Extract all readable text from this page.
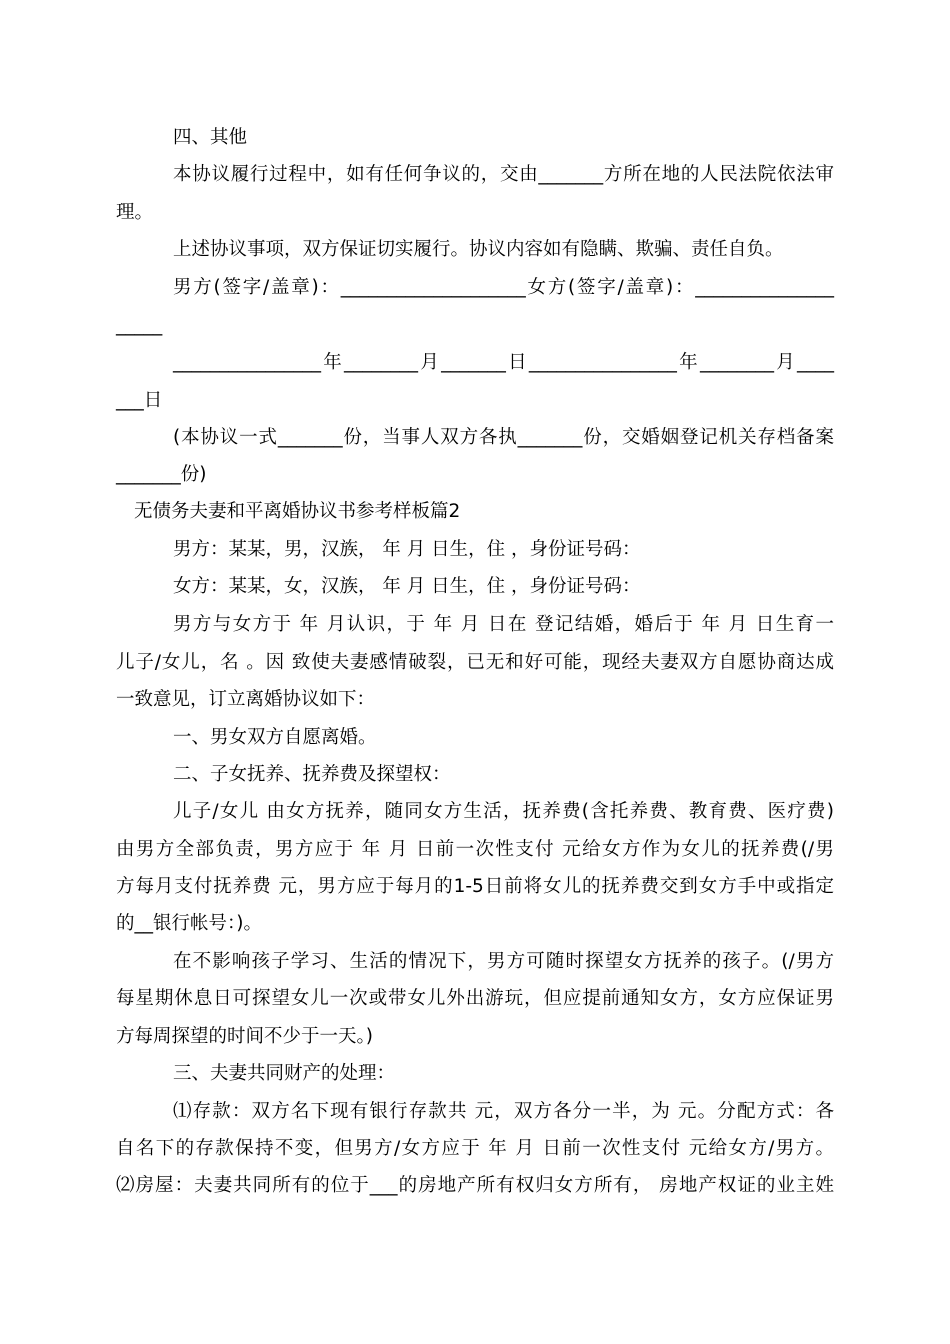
四、其他

本协议履行过程中，如有任何争议的，交由_______方所在地的人民法院依法审

理。

上述协议事项，双方保证切实履行。协议内容如有隐瞒、欺骗、责任自负。

男方(签字/盖章)：____________________女方(签字/盖章)：_______________

_____

________________年________月_______日________________年________月____

___日

(本协议一式_______份，当事人双方各执_______份，交婚姻登记机关存档备案

_______份)

无债务夫妻和平离婚协议书参考样板篇2

男方：某某，男，汉族， 年 月 日生，住 ，身份证号码：

女方：某某，女，汉族， 年 月 日生，住 ，身份证号码：

男方与女方于 年 月认识，于 年 月 日在 登记结婚，婚后于 年 月 日生育一

儿子/女儿，名 。因 致使夫妻感情破裂，已无和好可能，现经夫妻双方自愿协商达成

一致意见，订立离婚协议如下：

一、男女双方自愿离婚。

二、子女抚养、抚养费及探望权：

儿子/女儿 由女方抚养，随同女方生活，抚养费(含托养费、教育费、医疗费)

由男方全部负责，男方应于 年 月 日前一次性支付 元给女方作为女儿的抚养费(/男

方每月支付抚养费 元，男方应于每月的1-5日前将女儿的抚养费交到女方手中或指定

的__银行帐号：)。

在不影响孩子学习、生活的情况下，男方可随时探望女方抚养的孩子。(/男方

每星期休息日可探望女儿一次或带女儿外出游玩，但应提前通知女方，女方应保证男

方每周探望的时间不少于一天。)

三、夫妻共同财产的处理：

⑴存款：双方名下现有银行存款共 元，双方各分一半，为 元。分配方式：各

自名下的存款保持不变，但男方/女方应于 年 月 日前一次性支付 元给女方/男方。

⑵房屋：夫妻共同所有的位于___的房地产所有权归女方所有， 房地产权证的业主姓
